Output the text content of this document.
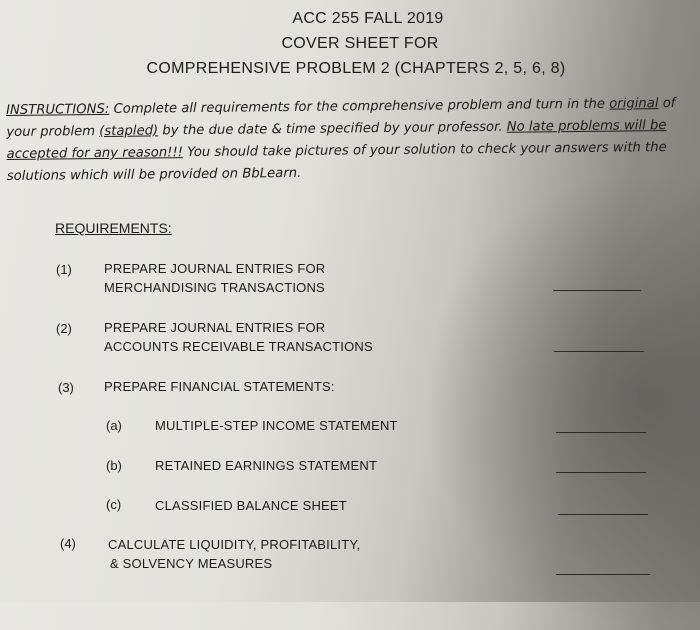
ACC 255 FALL 2019
COVER SHEET FOR
COMPREHENSIVE PROBLEM 2 (CHAPTERS 2, 5, 6, 8)
INSTRUCTIONS: Complete all requirements for the comprehensive problem and turn in the original of your problem (stapled) by the due date & time specified by your professor. No late problems will be accepted for any reason!!! You should take pictures of your solution to check your answers with the solutions which will be provided on BbLearn.
REQUIREMENTS:
(1) PREPARE JOURNAL ENTRIES FOR
MERCHANDISING TRANSACTIONS
(2) PREPARE JOURNAL ENTRIES FOR
ACCOUNTS RECEIVABLE TRANSACTIONS
(3) PREPARE FINANCIAL STATEMENTS:
(a)	MULTIPLE-STEP INCOME STATEMENT
(b)	RETAINED EARNINGS STATEMENT
(c)	CLASSIFIED BALANCE SHEET
(4) CALCULATE LIQUIDITY, PROFITABILITY,
& SOLVENCY MEASURES
